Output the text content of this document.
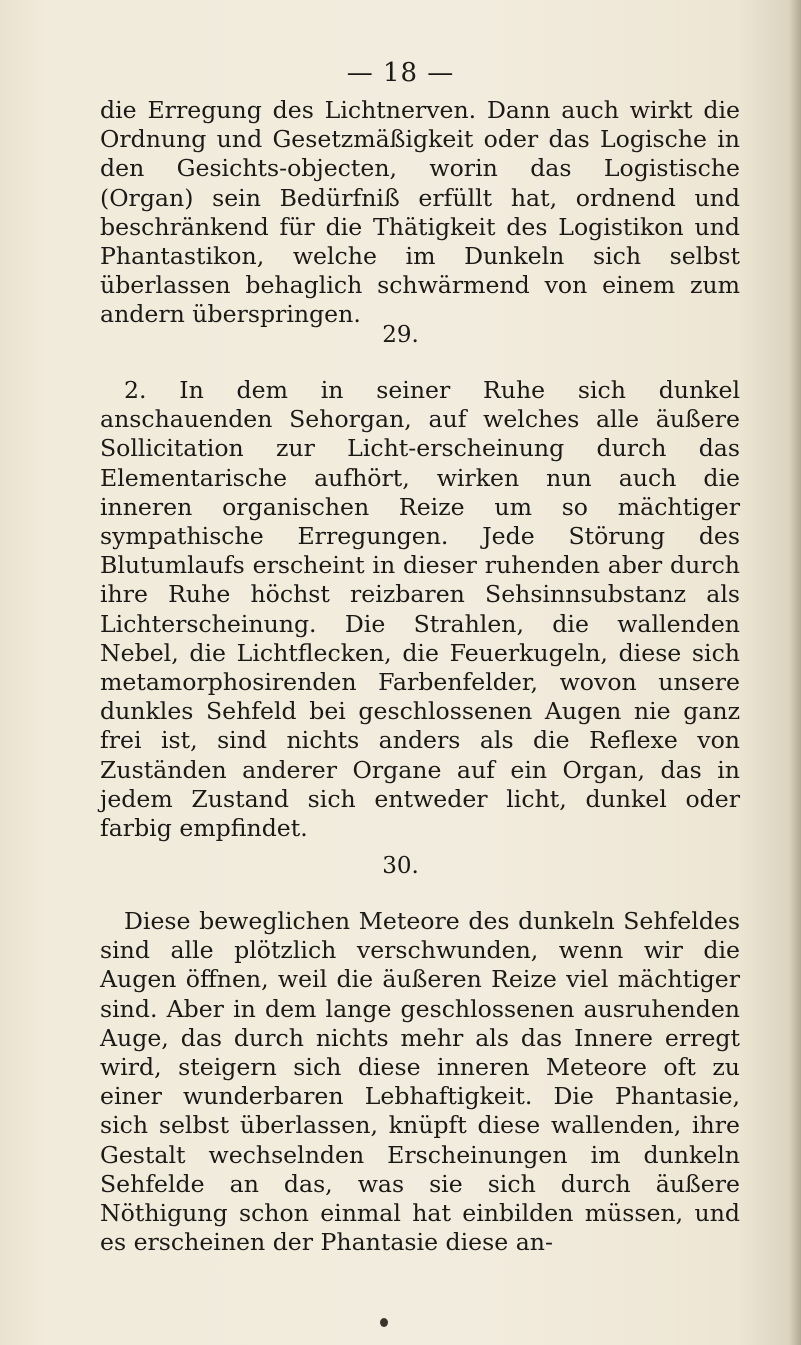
— 18 —
die Erregung des Lichtnerven. Dann auch wirkt die Ordnung und Gesetzmäßigkeit oder das Logische in den Gesichts-objecten, worin das Logistische (Organ) sein Bedürfniß erfüllt hat, ordnend und beschränkend für die Thätigkeit des Logistikon und Phantastikon, welche im Dunkeln sich selbst überlassen behaglich schwärmend von einem zum andern überspringen.
29.
2. In dem in seiner Ruhe sich dunkel anschauenden Sehorgan, auf welches alle äußere Sollicitation zur Licht-erscheinung durch das Elementarische aufhört, wirken nun auch die inneren organischen Reize um so mächtiger sympathische Erregungen. Jede Störung des Blutumlaufs erscheint in dieser ruhenden aber durch ihre Ruhe höchst reizbaren Sehsinnsubstanz als Lichterscheinung. Die Strahlen, die wallenden Nebel, die Lichtflecken, die Feuerkugeln, diese sich metamorphosirenden Farbenfelder, wovon unsere dunkles Sehfeld bei geschlossenen Augen nie ganz frei ist, sind nichts anders als die Reflexe von Zuständen anderer Organe auf ein Organ, das in jedem Zustand sich entweder licht, dunkel oder farbig empfindet.
30.
Diese beweglichen Meteore des dunkeln Sehfeldes sind alle plötzlich verschwunden, wenn wir die Augen öffnen, weil die äußeren Reize viel mächtiger sind. Aber in dem lange geschlossenen ausruhenden Auge, das durch nichts mehr als das Innere erregt wird, steigern sich diese inneren Meteore oft zu einer wunderbaren Lebhaftigkeit. Die Phantasie, sich selbst überlassen, knüpft diese wallenden, ihre Gestalt wechselnden Erscheinungen im dunkeln Sehfelde an das, was sie sich durch äußere Nöthigung schon einmal hat einbilden müssen, und es erscheinen der Phantasie diese an-
